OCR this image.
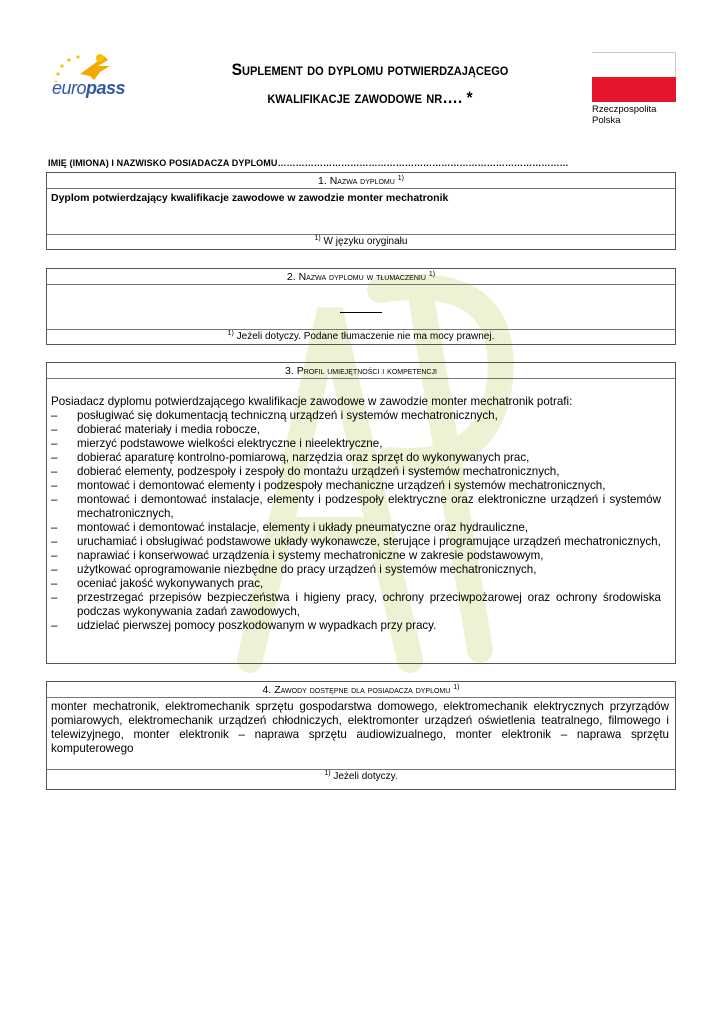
europass
Suplement do dyplomu potwierdzającego
kwalifikacje zawodowe nr…. *
Rzeczpospolita
Polska
IMIĘ (IMIONA) I NAZWISKO POSIADACZA DYPLOMU……………………………………………………………………………………
1. Nazwa dyplomu $^{1)}$
Dyplom potwierdzający kwalifikacje zawodowe w zawodzie monter mechatronik
$^{1)}$ W języku oryginału
2. Nazwa dyplomu w tłumaczeniu $^{1)}$
$^{1)}$ Jeżeli dotyczy. Podane tłumaczenie nie ma mocy prawnej.
3. Profil umiejętności i kompetencji
Posiadacz dyplomu potwierdzającego kwalifikacje zawodowe w zawodzie monter mechatronik potrafi:
– posługiwać się dokumentacją techniczną urządzeń i systemów mechatronicznych,
– dobierać materiały i media robocze,
– mierzyć podstawowe wielkości elektryczne i nieelektryczne,
– dobierać aparaturę kontrolno-pomiarową, narzędzia oraz sprzęt do wykonywanych prac,
– dobierać elementy, podzespoły i zespoły do montażu urządzeń i systemów mechatronicznych,
– montować i demontować elementy i podzespoły mechaniczne urządzeń i systemów mechatronicznych,
– montować i demontować instalacje, elementy i podzespoły elektryczne oraz elektroniczne urządzeń i systemów mechatronicznych,
– montować i demontować instalacje, elementy i układy pneumatyczne oraz hydrauliczne,
– uruchamiać i obsługiwać podstawowe układy wykonawcze, sterujące i programujące urządzeń mechatronicznych,
– naprawiać i konserwować urządzenia i systemy mechatroniczne w zakresie podstawowym,
– użytkować oprogramowanie niezbędne do pracy urządzeń i systemów mechatronicznych,
– oceniać jakość wykonywanych prac,
– przestrzegać przepisów bezpieczeństwa i higieny pracy, ochrony przeciwpożarowej oraz ochrony środowiska podczas wykonywania zadań zawodowych,
– udzielać pierwszej pomocy poszkodowanym w wypadkach przy pracy.
4. Zawody dostępne dla posiadacza dyplomu $^{1)}$
monter mechatronik, elektromechanik sprzętu gospodarstwa domowego, elektromechanik elektrycznych przyrządów pomiarowych, elektromechanik urządzeń chłodniczych, elektromonter urządzeń oświetlenia teatralnego, filmowego i telewizyjnego, monter elektronik – naprawa sprzętu audiowizualnego, monter elektronik – naprawa sprzętu komputerowego
$^{1)}$ Jeżeli dotyczy.
